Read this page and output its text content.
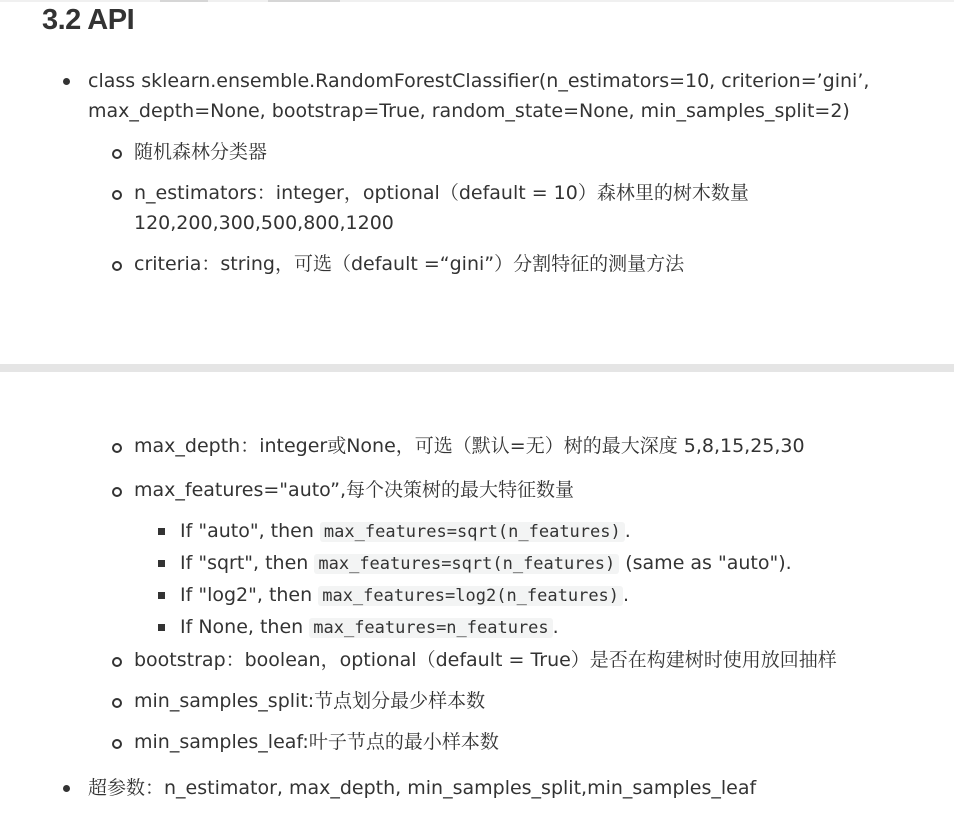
3.2 API
class sklearn.ensemble.RandomForestClassifier(n_estimators=10, criterion=’gini’,
max_depth=None, bootstrap=True, random_state=None, min_samples_split=2)
随机森林分类器
n_estimators：integer，optional（default = 10）森林里的树木数量
120,200,300,500,800,1200
criteria：string，可选（default =“gini”）分割特征的测量方法
max_depth：integer或None，可选（默认=无）树的最大深度 5,8,15,25,30
max_features="auto”,每个决策树的最大特征数量
If "auto", then max_features=sqrt(n_features) .
If "sqrt", then max_features=sqrt(n_features) (same as "auto").
If "log2", then max_features=log2(n_features) .
If None, then max_features=n_features .
bootstrap：boolean，optional（default = True）是否在构建树时使用放回抽样
min_samples_split:节点划分最少样本数
min_samples_leaf:叶子节点的最小样本数
超参数：n_estimator, max_depth, min_samples_split,min_samples_leaf
